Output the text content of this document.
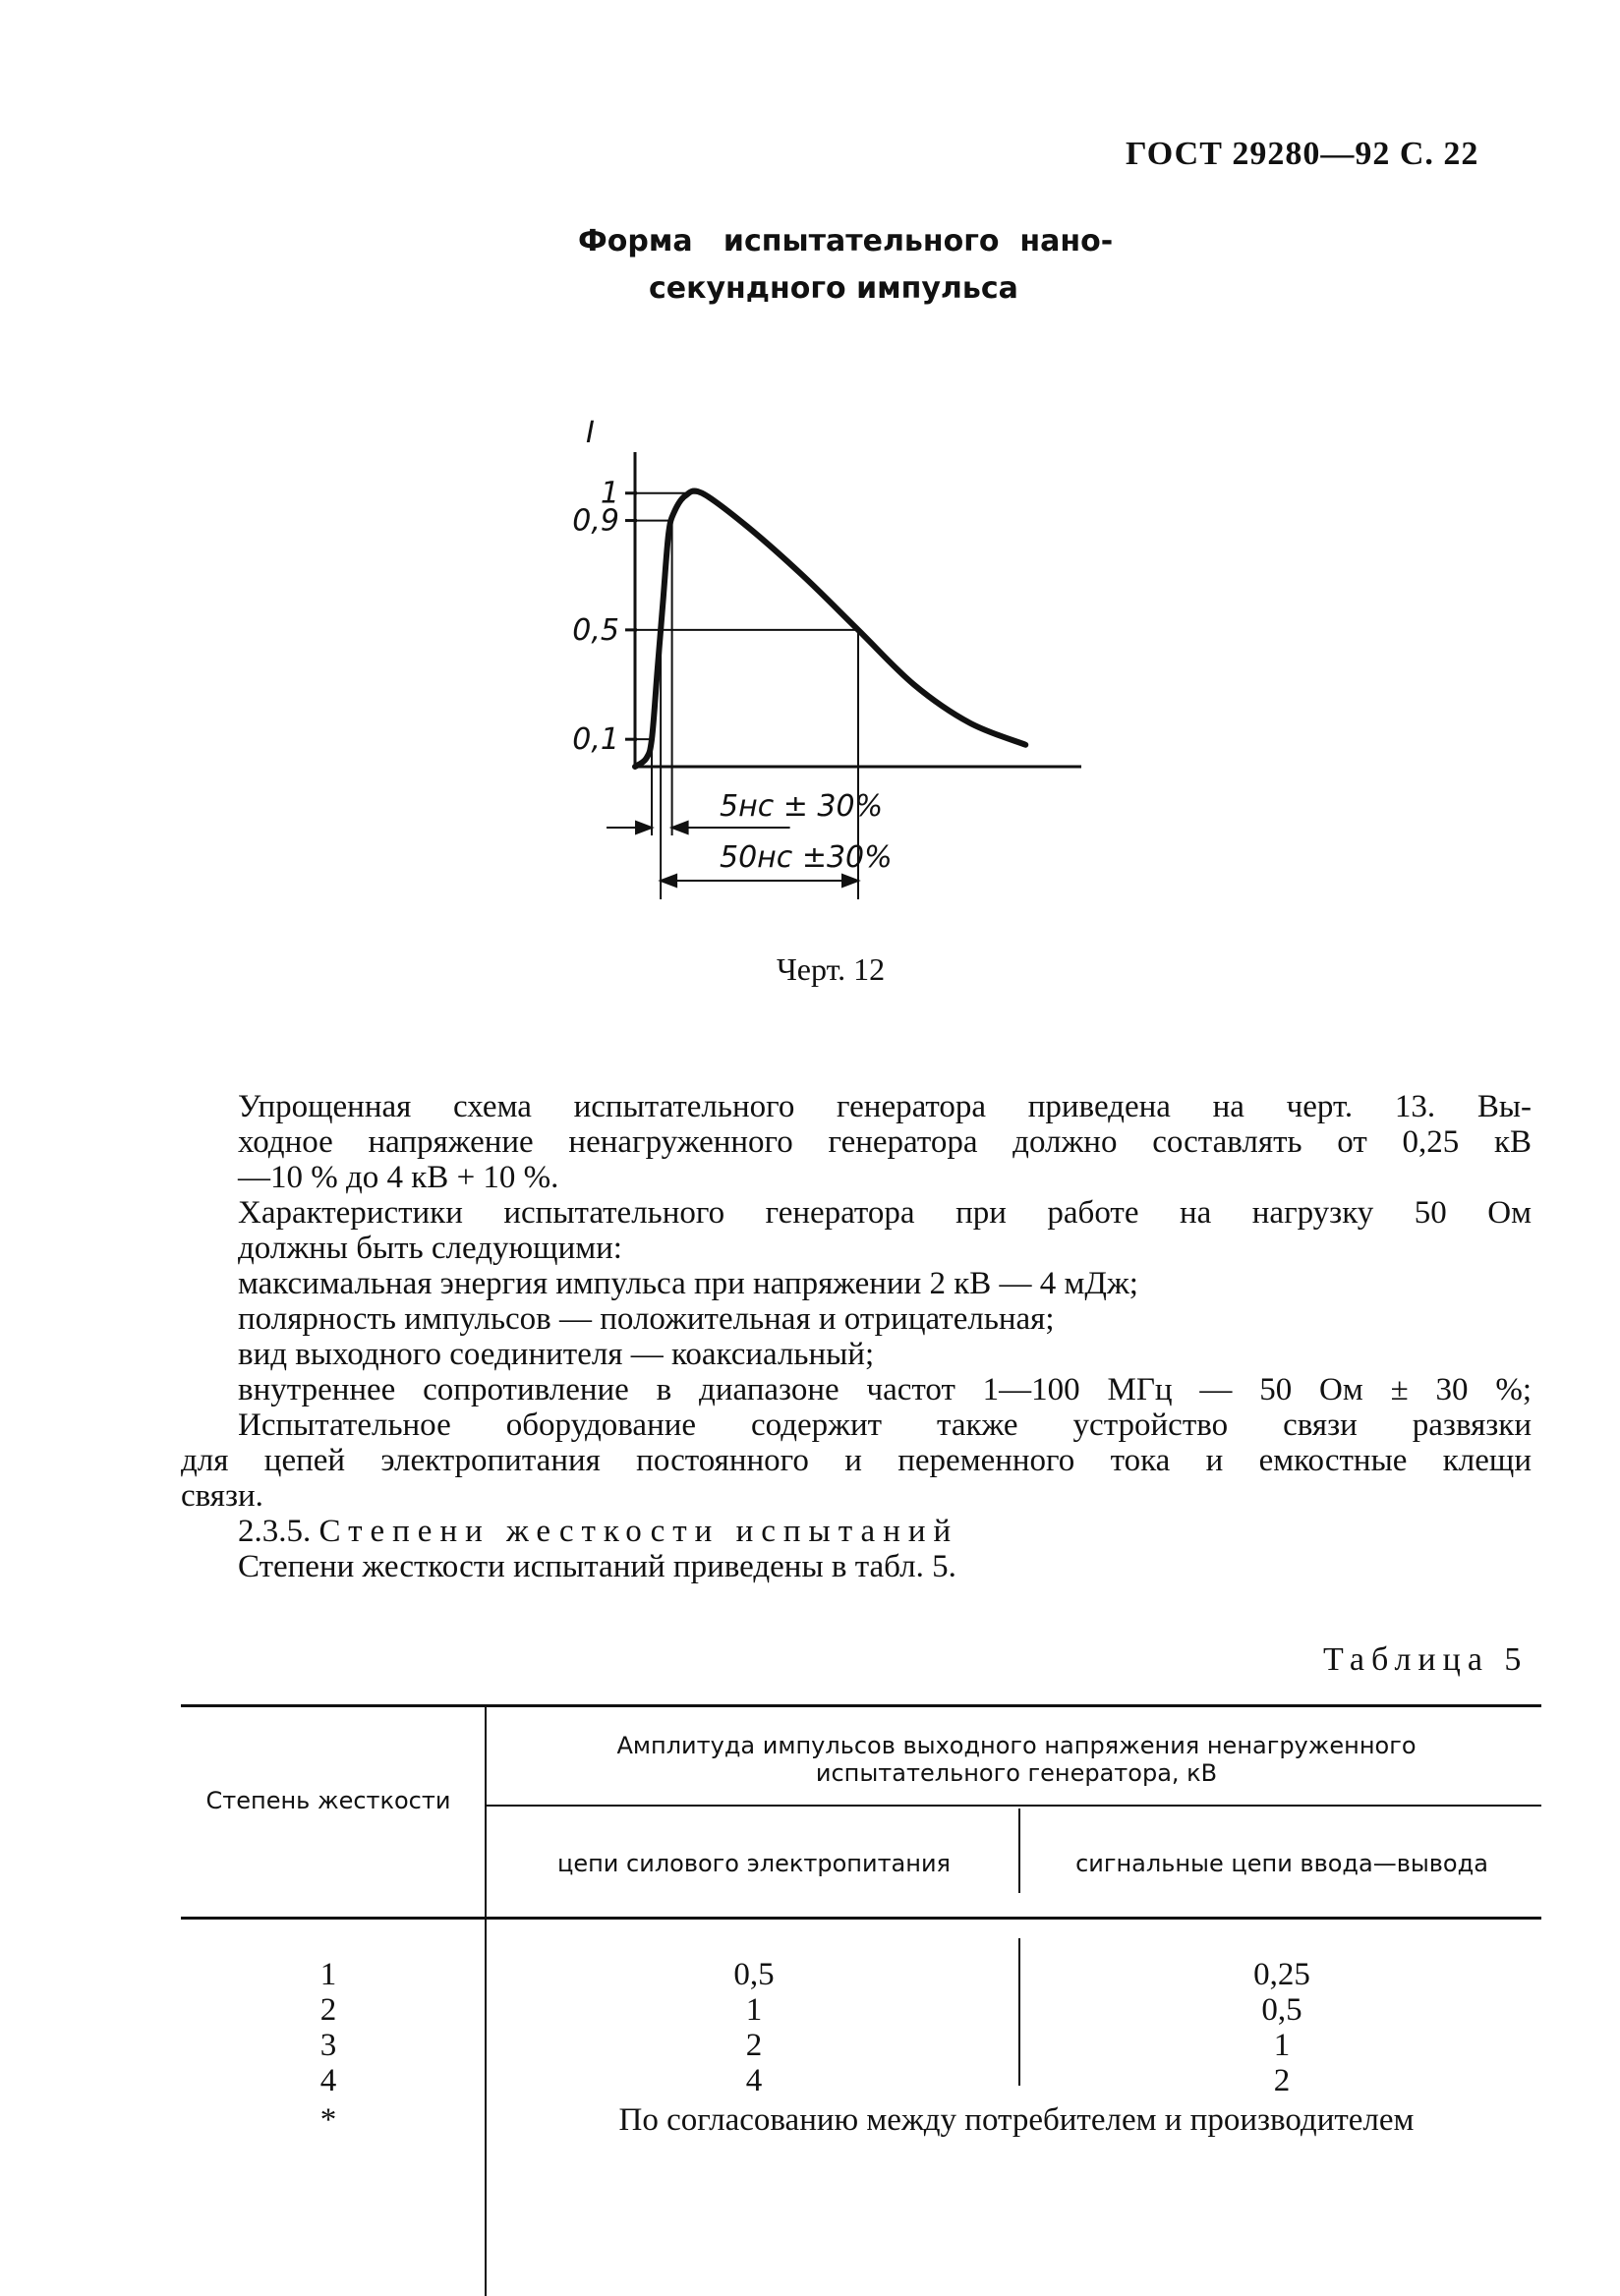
ГОСТ 29280—92 С. 22
Форма   испытательного  нано-
секундного импульса
I
1
0,9
0,5
0,1
5нс ± 30%
50нс ±30%
Черт. 12
Упрощенная схема испытательного генератора приведена на черт. 13. Вы-
ходное напряжение ненагруженного генератора должно составлять от 0,25 кВ
—10 % до 4 кВ + 10 %.
Характеристики испытательного генератора при работе на нагрузку 50 Ом
должны быть следующими:
максимальная энергия импульса при напряжении 2 кВ — 4 мДж;
полярность импульсов — положительная и отрицательная;
вид выходного соединителя — коаксиальный;
внутреннее сопротивление в диапазоне частот 1—100 МГц — 50 Ом ± 30 %;
Испытательное оборудование содержит также устройство связи развязки
для цепей электропитания постоянного и переменного тока и емкостные клещи
связи.
2.3.5. Степени жесткости испытаний
Степени жесткости испытаний приведены в табл. 5.
Таблица 5
Степень жесткости
Амплитуда импульсов выходного напряжения ненагруженного
испытательного генератора, кВ
цепи силового электропитания	сигнальные цепи ввода—вывода
1	0,5	0,25
2	1	0,5
3	2	1
4	4	2
*	По согласованию между потребителем и производителем
